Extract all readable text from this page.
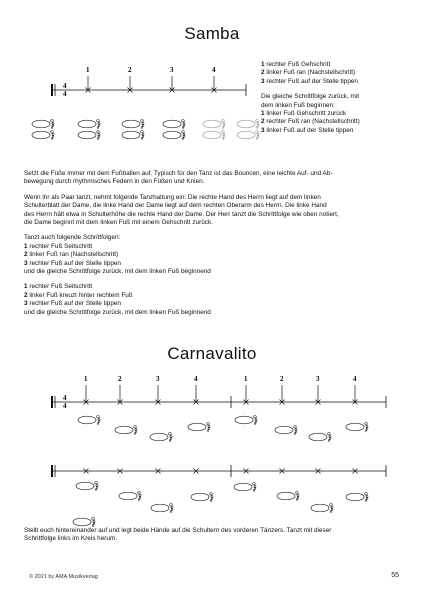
Samba
4
4
1	2	3	4
4
4
1	2	3	4	1	2	3	4
1 rechter Fuß Gehschritt
2 linker Fuß ran (Nachstellschritt)
3 rechter Fuß auf der Stelle tippen
Die gleiche Schrittfolge zurück, mit
dem linken Fuß beginnen:
1 linker Fuß Gehschritt zurück
2 rechter Fuß ran (Nachstellschritt)
3 linker Fuß auf der Stelle tippen

Setzt die Füße immer mit dem Fußballen auf. Typisch für den Tanz ist das Bouncen, eine leichte Auf- und Ab-
bewegung durch rhythmisches Federn in den Füßen und Knien.

Wenn ihr als Paar tanzt, nehmt folgende Tanzhaltung ein: Die rechte Hand des Herrn liegt auf dem linken
Schulterblatt der Dame, die linke Hand der Dame liegt auf dem rechten Oberarm des Herrn. Die linke Hand
des Herrn hält etwa in Schulterhöhe die rechte Hand der Dame. Der Herr tanzt die Schrittfolge wie oben notiert,
die Dame beginnt mit dem linken Fuß mit einem Gehschritt zurück.

Tanzt auch folgende Schrittfolgen:
1 rechter Fuß Seitschritt
2 linker Fuß ran (Nachstellschritt)
3 rechter Fuß auf der Stelle tippen
und die gleiche Schrittfolge zurück, mit dem linken Fuß beginnend

1 rechter Fuß Seitschritt
2 linker Fuß kreuzt hinter rechtem Fuß
3 rechter Fuß auf der Stelle tippen
und die gleiche Schrittfolge zurück, mit dem linken Fuß beginnend

Carnavalito
Stellt euch hintereinander auf und legt beide Hände auf die Schultern des vorderen Tänzers. Tanzt mit dieser
Schrittfolge links im Kreis herum.
© 2021 by AMA Musikverlag	55
